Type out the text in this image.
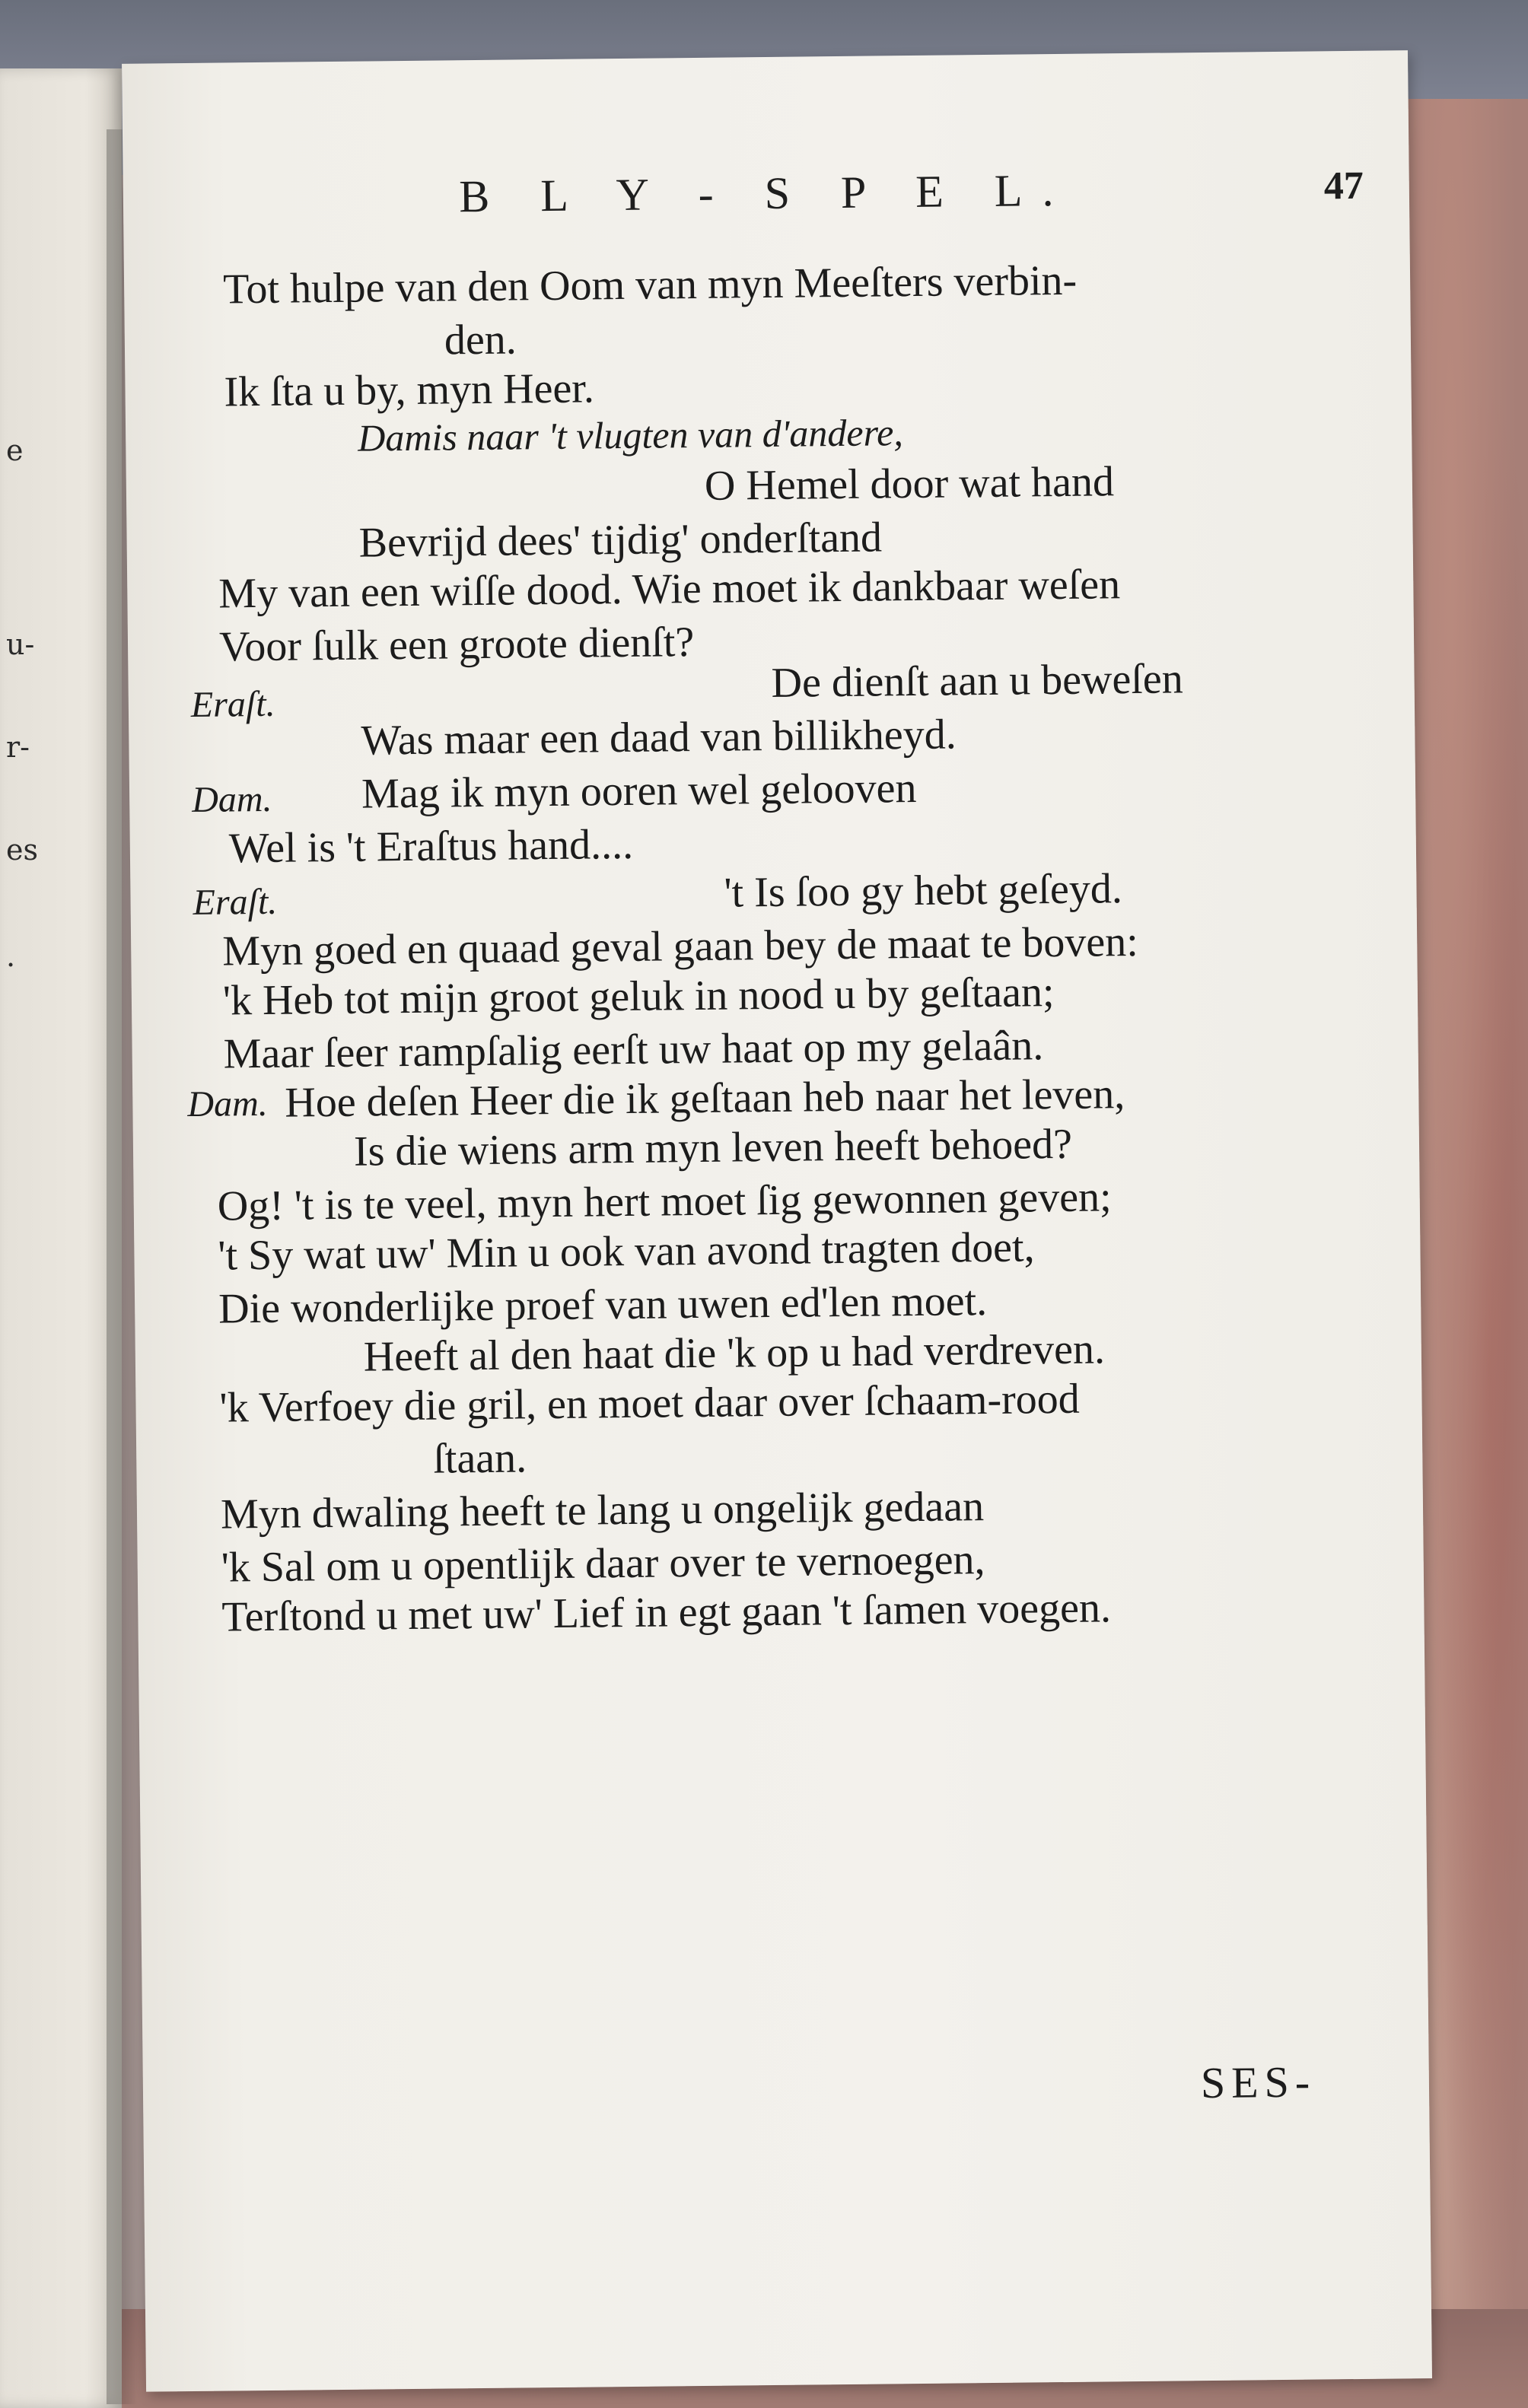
e
u-
r-
es
.
B L Y - S P E L.	47
Tot hulpe van den Oom van myn Meeſters verbin-
den.
Ik ſta u by, myn Heer.
Damis naar 't vlugten van d'andere,
O Hemel door wat hand
Bevrijd dees' tijdig' onderſtand
My van een wiſſe dood. Wie moet ik dankbaar weſen
Voor ſulk een groote dienſt?
Eraſt.	De dienſt aan u beweſen
Was maar een daad van billikheyd.
Dam. Mag ik myn ooren wel gelooven
Wel is 't Eraſtus hand....
Eraſt.	't Is ſoo gy hebt geſeyd.
Myn goed en quaad geval gaan bey de maat te boven:
'k Heb tot mijn groot geluk in nood u by geſtaan;
Maar ſeer rampſalig eerſt uw haat op my gelaân.
Dam. Hoe deſen Heer die ik geſtaan heb naar het leven,
Is die wiens arm myn leven heeft behoed?
Og! 't is te veel, myn hert moet ſig gewonnen geven;
't Sy wat uw' Min u ook van avond tragten doet,
Die wonderlijke proef van uwen ed'len moet.
Heeft al den haat die 'k op u had verdreven.
'k Verfoey die gril, en moet daar over ſchaam-rood
ſtaan.
Myn dwaling heeft te lang u ongelijk gedaan
'k Sal om u opentlijk daar over te vernoegen,
Terſtond u met uw' Lief in egt gaan 't ſamen voegen.
SES-
